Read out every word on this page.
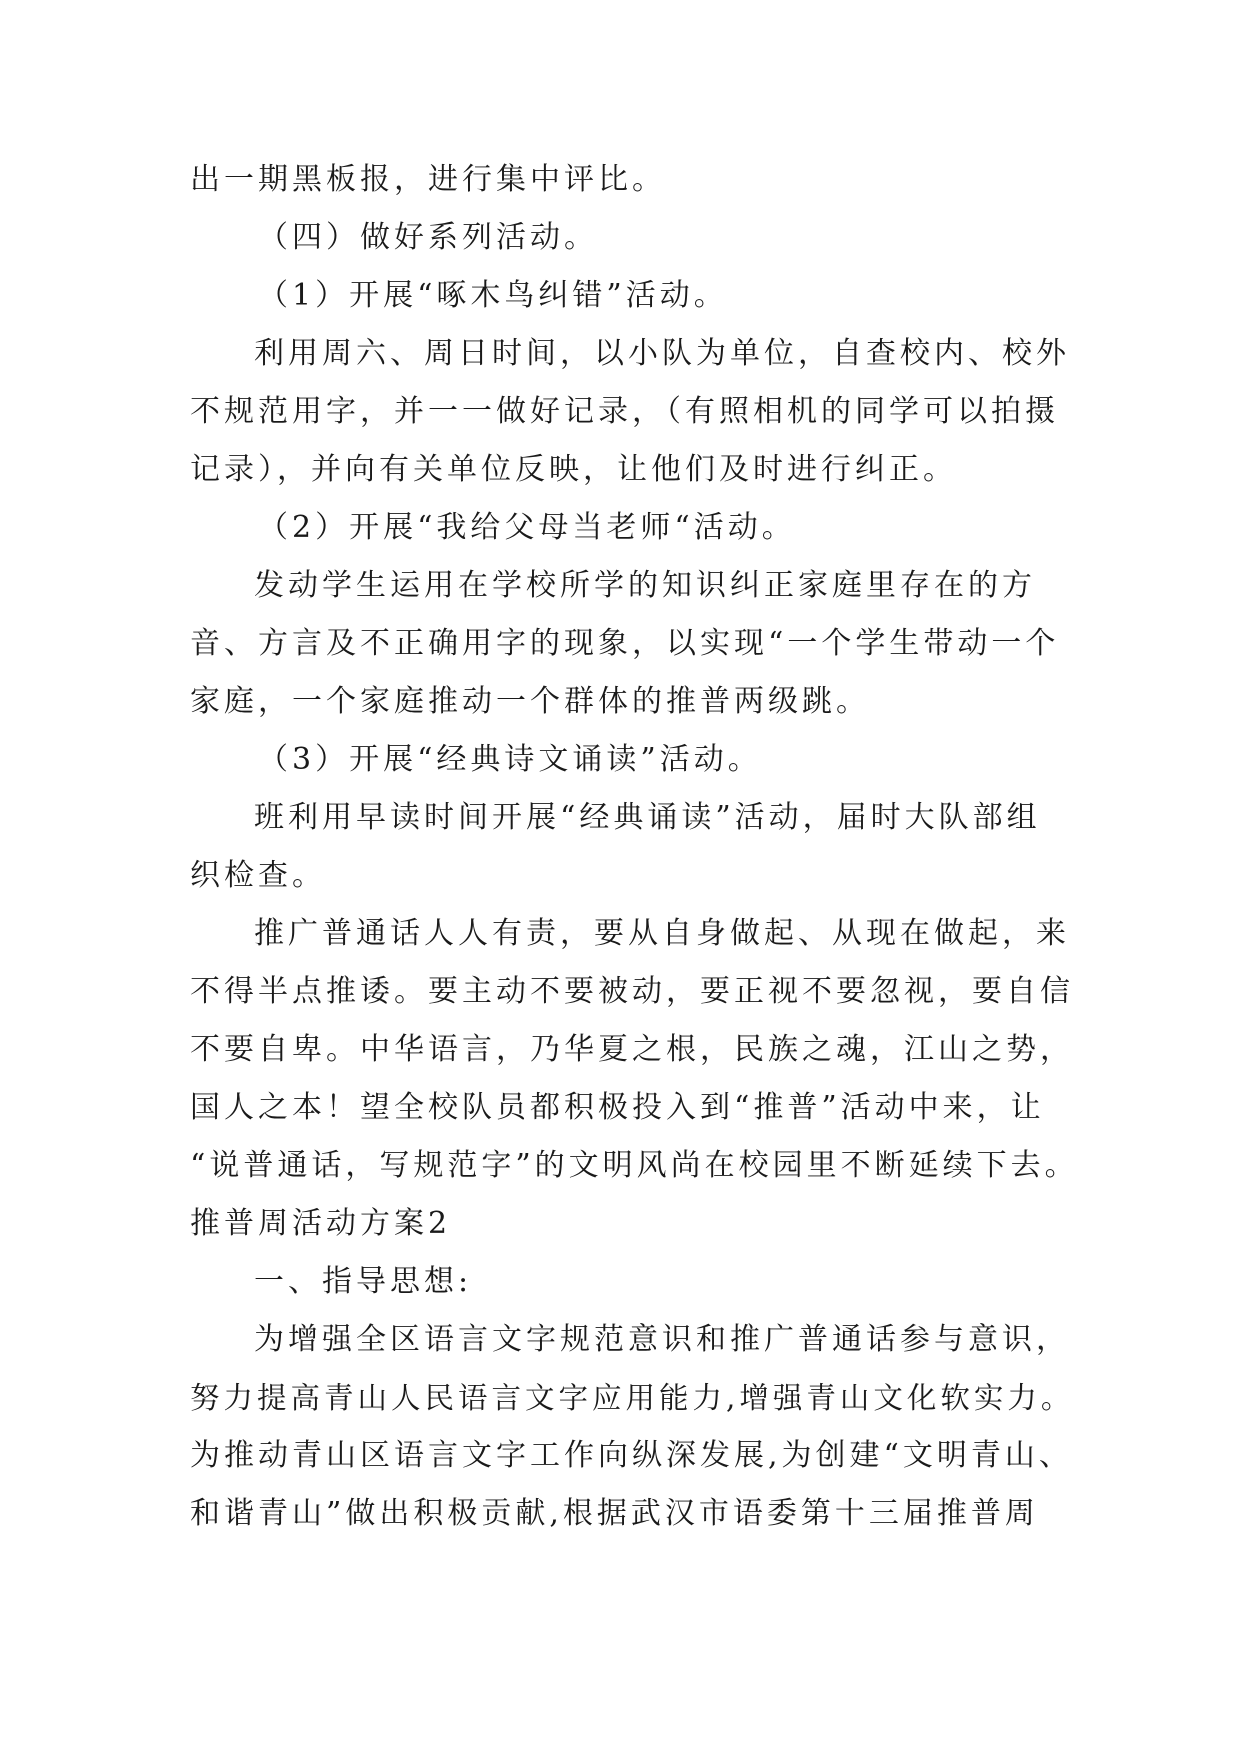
出一期黑板报，进行集中评比。
（四）做好系列活动。
（1）开展“啄木鸟纠错”活动。
利用周六、周日时间，以小队为单位，自查校内、校外
不规范用字，并一一做好记录，（有照相机的同学可以拍摄
记录），并向有关单位反映，让他们及时进行纠正。
（2）开展“我给父母当老师“活动。
发动学生运用在学校所学的知识纠正家庭里存在的方
音、方言及不正确用字的现象，以实现“一个学生带动一个
家庭，一个家庭推动一个群体的推普两级跳。
（3）开展“经典诗文诵读”活动。
班利用早读时间开展“经典诵读”活动，届时大队部组
织检查。
推广普通话人人有责，要从自身做起、从现在做起，来
不得半点推诿。要主动不要被动，要正视不要忽视，要自信
不要自卑。中华语言，乃华夏之根，民族之魂，江山之势，
国人之本！望全校队员都积极投入到“推普”活动中来，让
“说普通话，写规范字”的文明风尚在校园里不断延续下去。
推普周活动方案2
一、指导思想:
为增强全区语言文字规范意识和推广普通话参与意识，
努力提高青山人民语言文字应用能力,增强青山文化软实力。
为推动青山区语言文字工作向纵深发展,为创建“文明青山、
和谐青山”做出积极贡献,根据武汉市语委第十三届推普周
